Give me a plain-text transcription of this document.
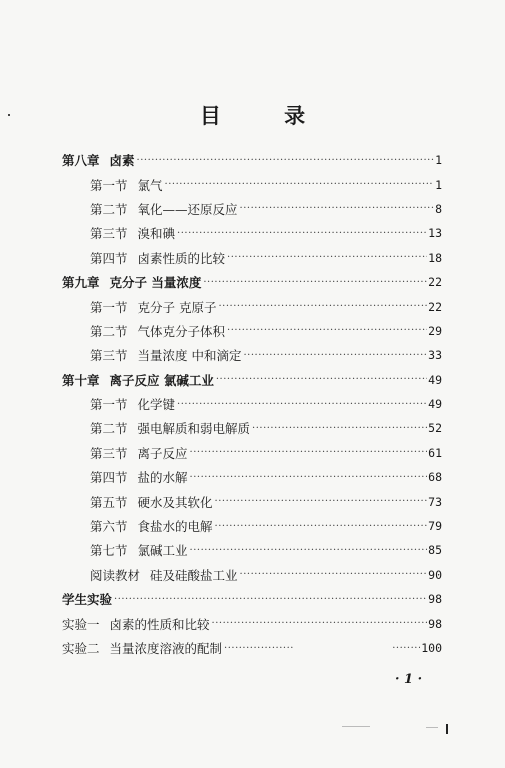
目 录
第八章 卤素 ·····	1
第一节 氯气 ·····	1
第二节 氧化——还原反应 ·····	8
第三节 溴和碘 ·····	13
第四节 卤素性质的比较 ·····	18
第九章 克分子 当量浓度 ·····	22
第一节 克分子 克原子 ·····	22
第二节 气体克分子体积 ·····	29
第三节 当量浓度 中和滴定 ·····	33
第十章 离子反应 氯碱工业 ·····	49
第一节 化学键 ·····	49
第二节 强电解质和弱电解质 ·····	52
第三节 离子反应 ·····	61
第四节 盐的水解 ·····	68
第五节 硬水及其软化 ·····	73
第六节 食盐水的电解 ·····	79
第七节 氯碱工业 ·····	85
阅读教材 硅及硅酸盐工业 ·····	90
学生实验 ·····	98
实验一 卤素的性质和比较 ·····	98
实验二 当量浓度溶液的配制 ····· ·····	100
· 1 ·
